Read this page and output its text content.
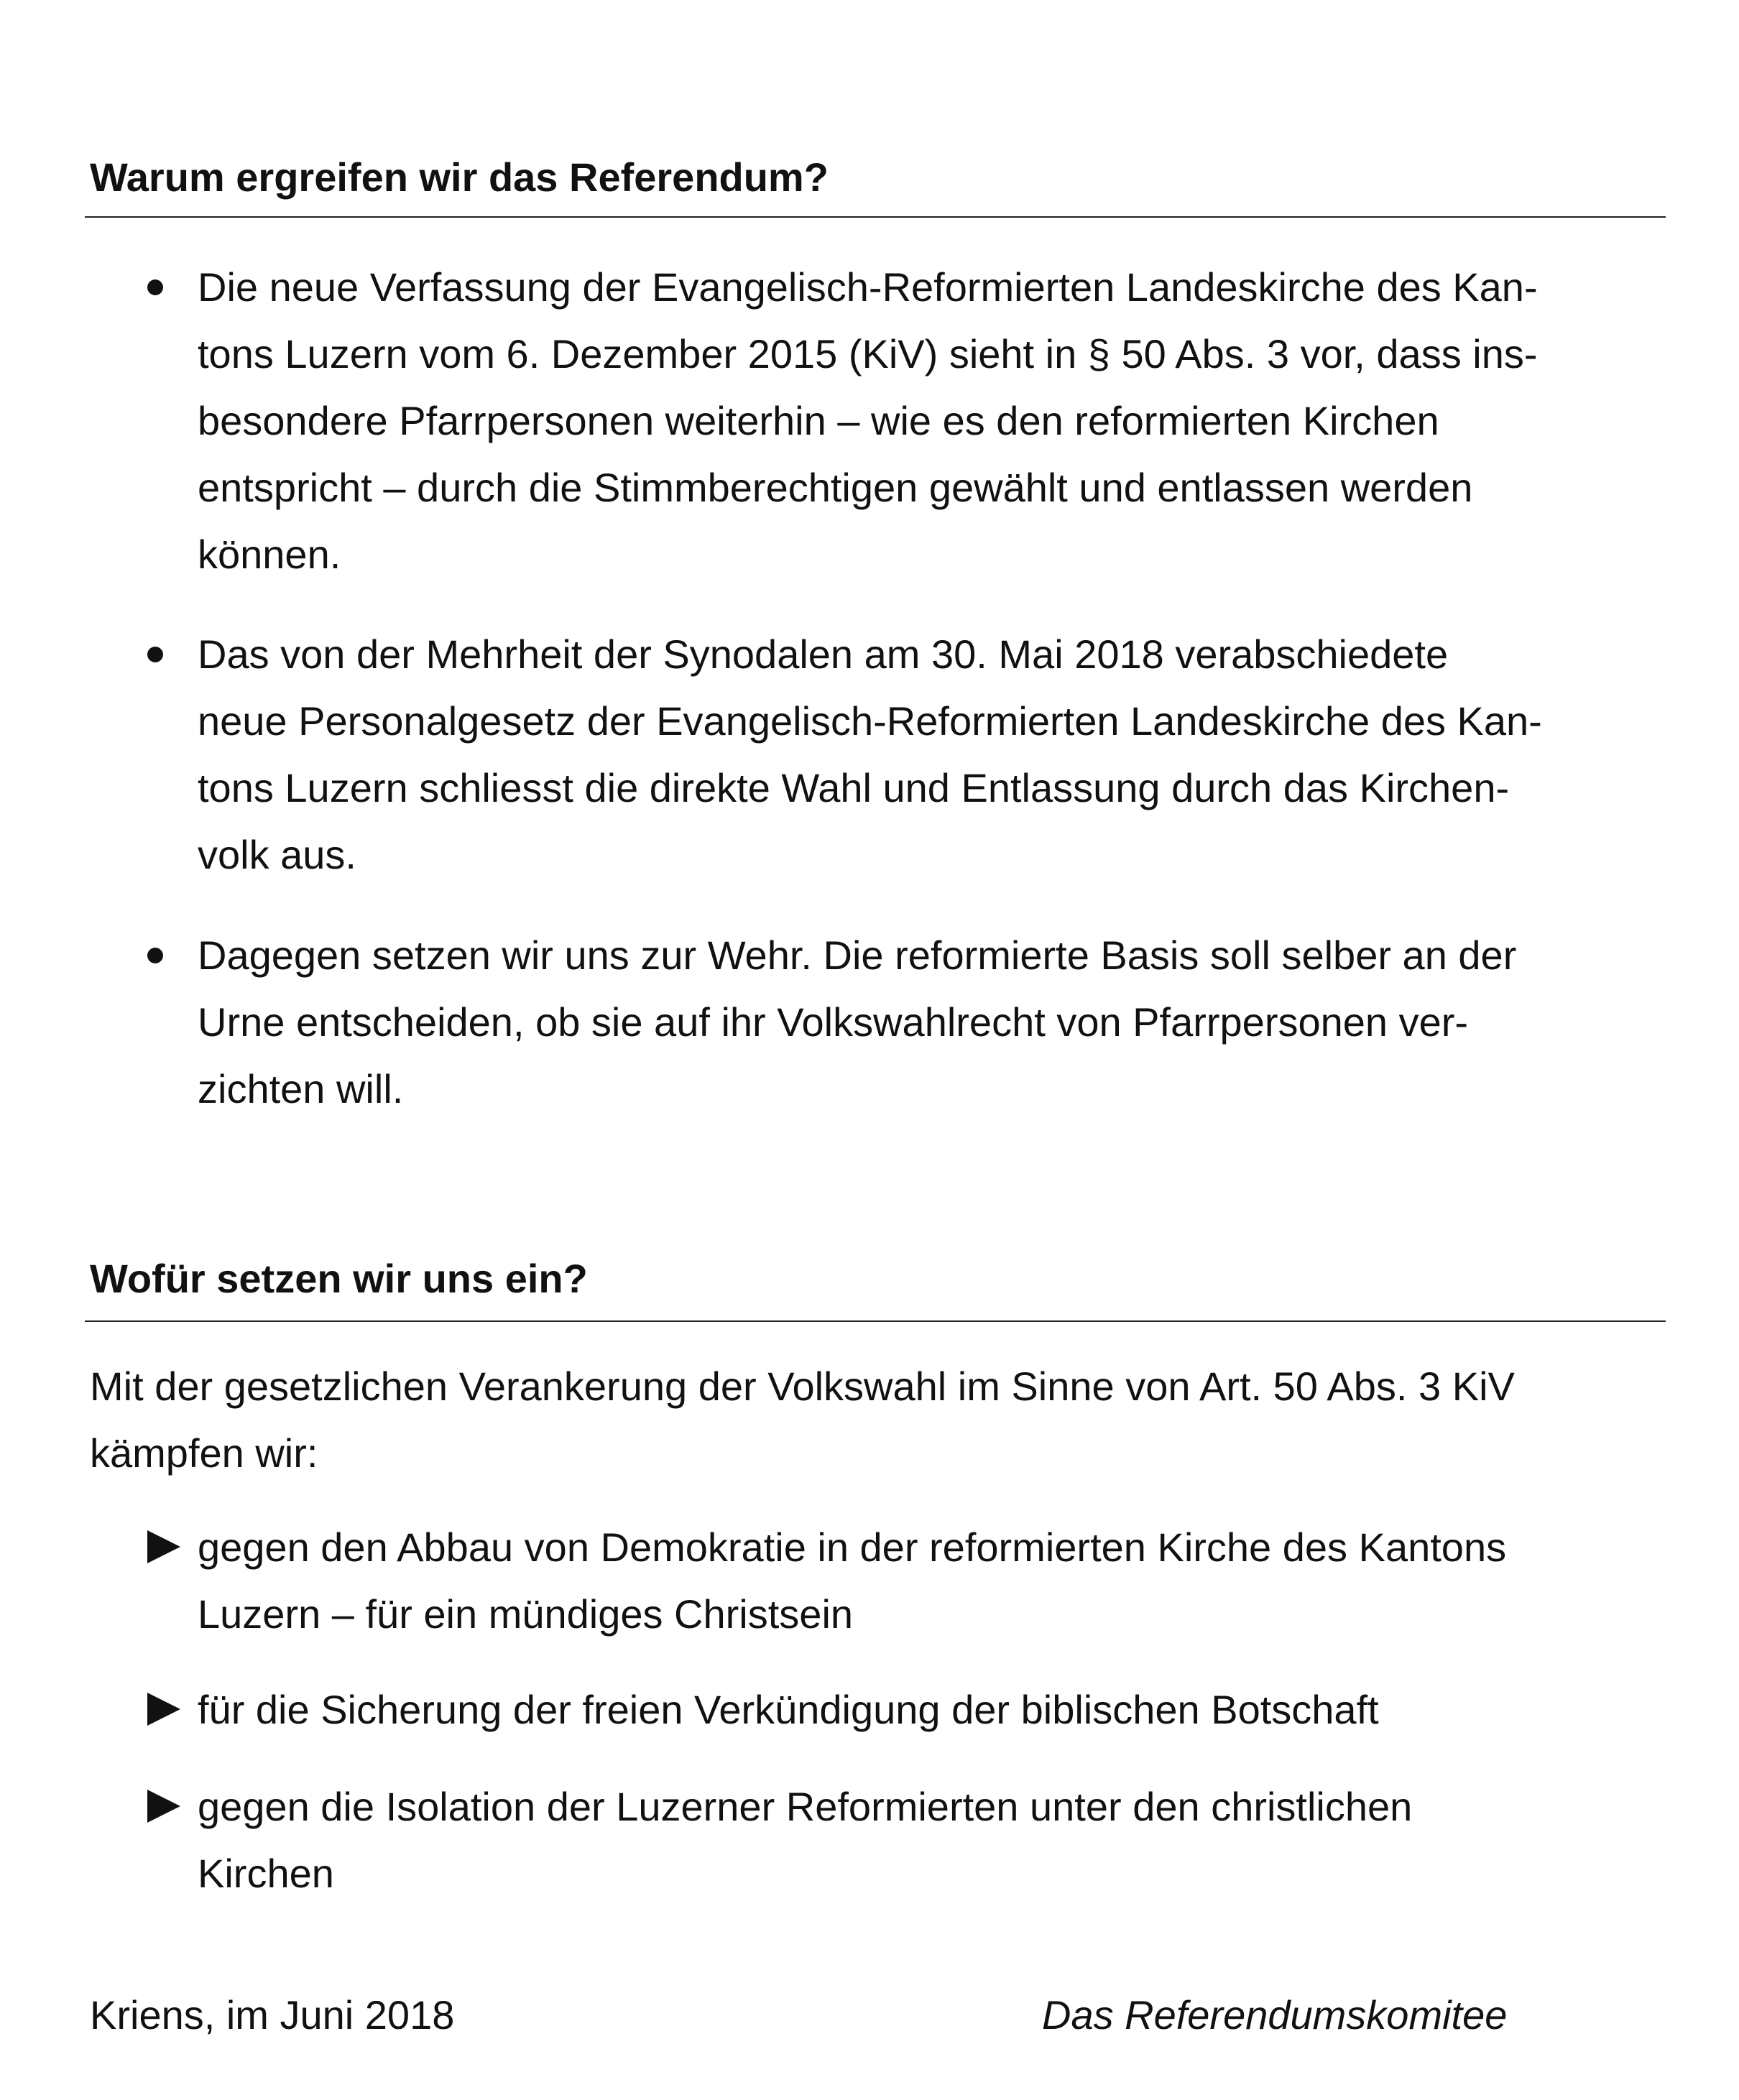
Warum ergreifen wir das Referendum?

Die neue Verfassung der Evangelisch-Reformierten Landeskirche des Kan-
tons Luzern vom 6. Dezember 2015 (KiV) sieht in § 50 Abs. 3 vor, dass ins-
besondere Pfarrpersonen weiterhin – wie es den reformierten Kirchen
entspricht – durch die Stimmberechtigen gewählt und entlassen werden
können.

Das von der Mehrheit der Synodalen am 30. Mai 2018 verabschiedete
neue Personalgesetz der Evangelisch-Reformierten Landeskirche des Kan-
tons Luzern schliesst die direkte Wahl und Entlassung durch das Kirchen-
volk aus.

Dagegen setzen wir uns zur Wehr. Die reformierte Basis soll selber an der
Urne entscheiden, ob sie auf ihr Volkswahlrecht von Pfarrpersonen ver-
zichten will.

Wofür setzen wir uns ein?

Mit der gesetzlichen Verankerung der Volkswahl im Sinne von Art. 50 Abs. 3 KiV
kämpfen wir:

gegen den Abbau von Demokratie in der reformierten Kirche des Kantons
Luzern – für ein mündiges Christsein

für die Sicherung der freien Verkündigung der biblischen Botschaft

gegen die Isolation der Luzerner Reformierten unter den christlichen
Kirchen

Kriens, im Juni 2018	Das Referendumskomitee
